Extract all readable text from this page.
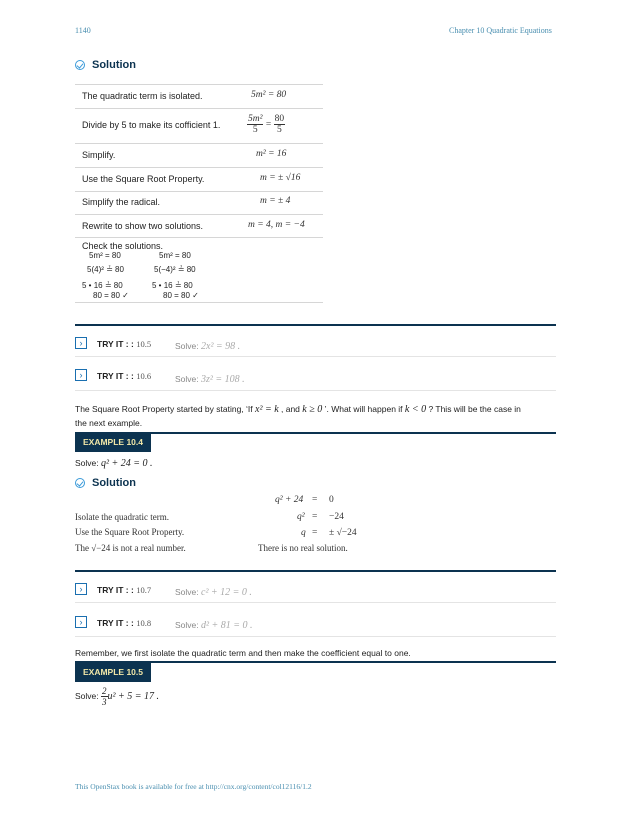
1140	Chapter 10 Quadratic Equations
Solution
The quadratic term is isolated.	5m² = 80
Divide by 5 to make its cofficient 1.	$\frac{\text{5m²}}{5} = \frac{80}{5}$
Simplify.	m² = 16
Use the Square Root Property.	m = ± √16
Simplify the radical.	m = ± 4
Rewrite to show two solutions.	m = 4, m = −4
Check the solutions.
5m² = 80
5(4)² ≟ 80
5 • 16 ≟ 80
80 = 80 ✓
5m² = 80
5(−4)² ≟ 80
5 • 16 ≟ 80
80 = 80 ✓
›	TRY IT : : 10.5	Solve: 2x² = 98 .
›	TRY IT : : 10.6	Solve: 3z² = 108 .
The Square Root Property started by stating, ‘If x² = k , and k ≥ 0 ’. What will happen if k < 0 ? This will be the case in
the next example.
EXAMPLE 10.4
Solve: q² + 24 = 0 .
Solution
q² + 24 = 0
Isolate the quadratic term.	q² = −24
Use the Square Root Property.	q = ± √−24
The √−24 is not a real number.	There is no real solution.
›	TRY IT : : 10.7	Solve: c² + 12 = 0 .
›	TRY IT : : 10.8	Solve: d² + 81 = 0 .
Remember, we first isolate the quadratic term and then make the coefficient equal to one.
EXAMPLE 10.5
Solve: $\frac{2}{3} u^2 + 5 = 17$ .
This OpenStax book is available for free at http://cnx.org/content/col12116/1.2
